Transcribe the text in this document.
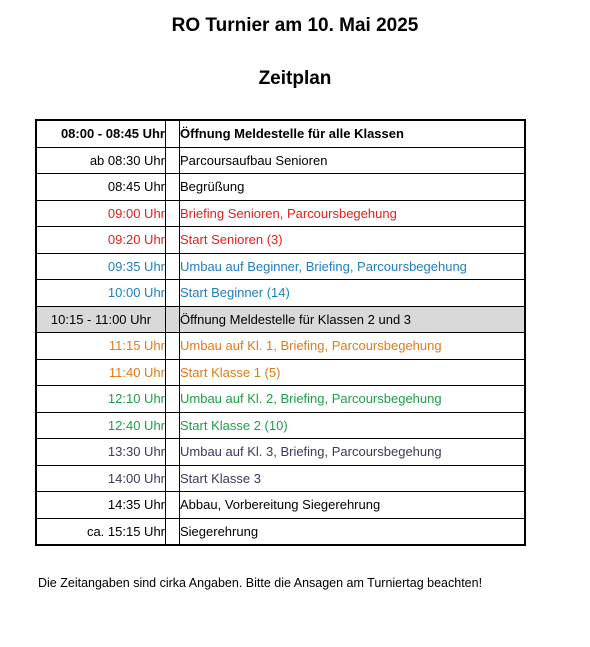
RO Turnier am 10. Mai 2025
Zeitplan
08:00 - 08:45 Uhr		Öffnung Meldestelle für alle Klassen
ab 08:30 Uhr		Parcoursaufbau Senioren
08:45 Uhr		Begrüßung
09:00 Uhr		Briefing Senioren, Parcoursbegehung
09:20 Uhr		Start Senioren (3)
09:35 Uhr		Umbau auf Beginner, Briefing, Parcoursbegehung
10:00 Uhr		Start Beginner (14)
10:15 - 11:00 Uhr		Öffnung Meldestelle für Klassen 2 und 3
11:15 Uhr		Umbau auf Kl. 1, Briefing, Parcoursbegehung
11:40 Uhr		Start Klasse 1 (5)
12:10 Uhr		Umbau auf Kl. 2, Briefing, Parcoursbegehung
12:40 Uhr		Start Klasse 2 (10)
13:30 Uhr		Umbau auf Kl. 3, Briefing, Parcoursbegehung
14:00 Uhr		Start Klasse 3
14:35 Uhr		Abbau, Vorbereitung Siegerehrung
ca. 15:15 Uhr		Siegerehrung
Die Zeitangaben sind cirka Angaben. Bitte die Ansagen am Turniertag beachten!
